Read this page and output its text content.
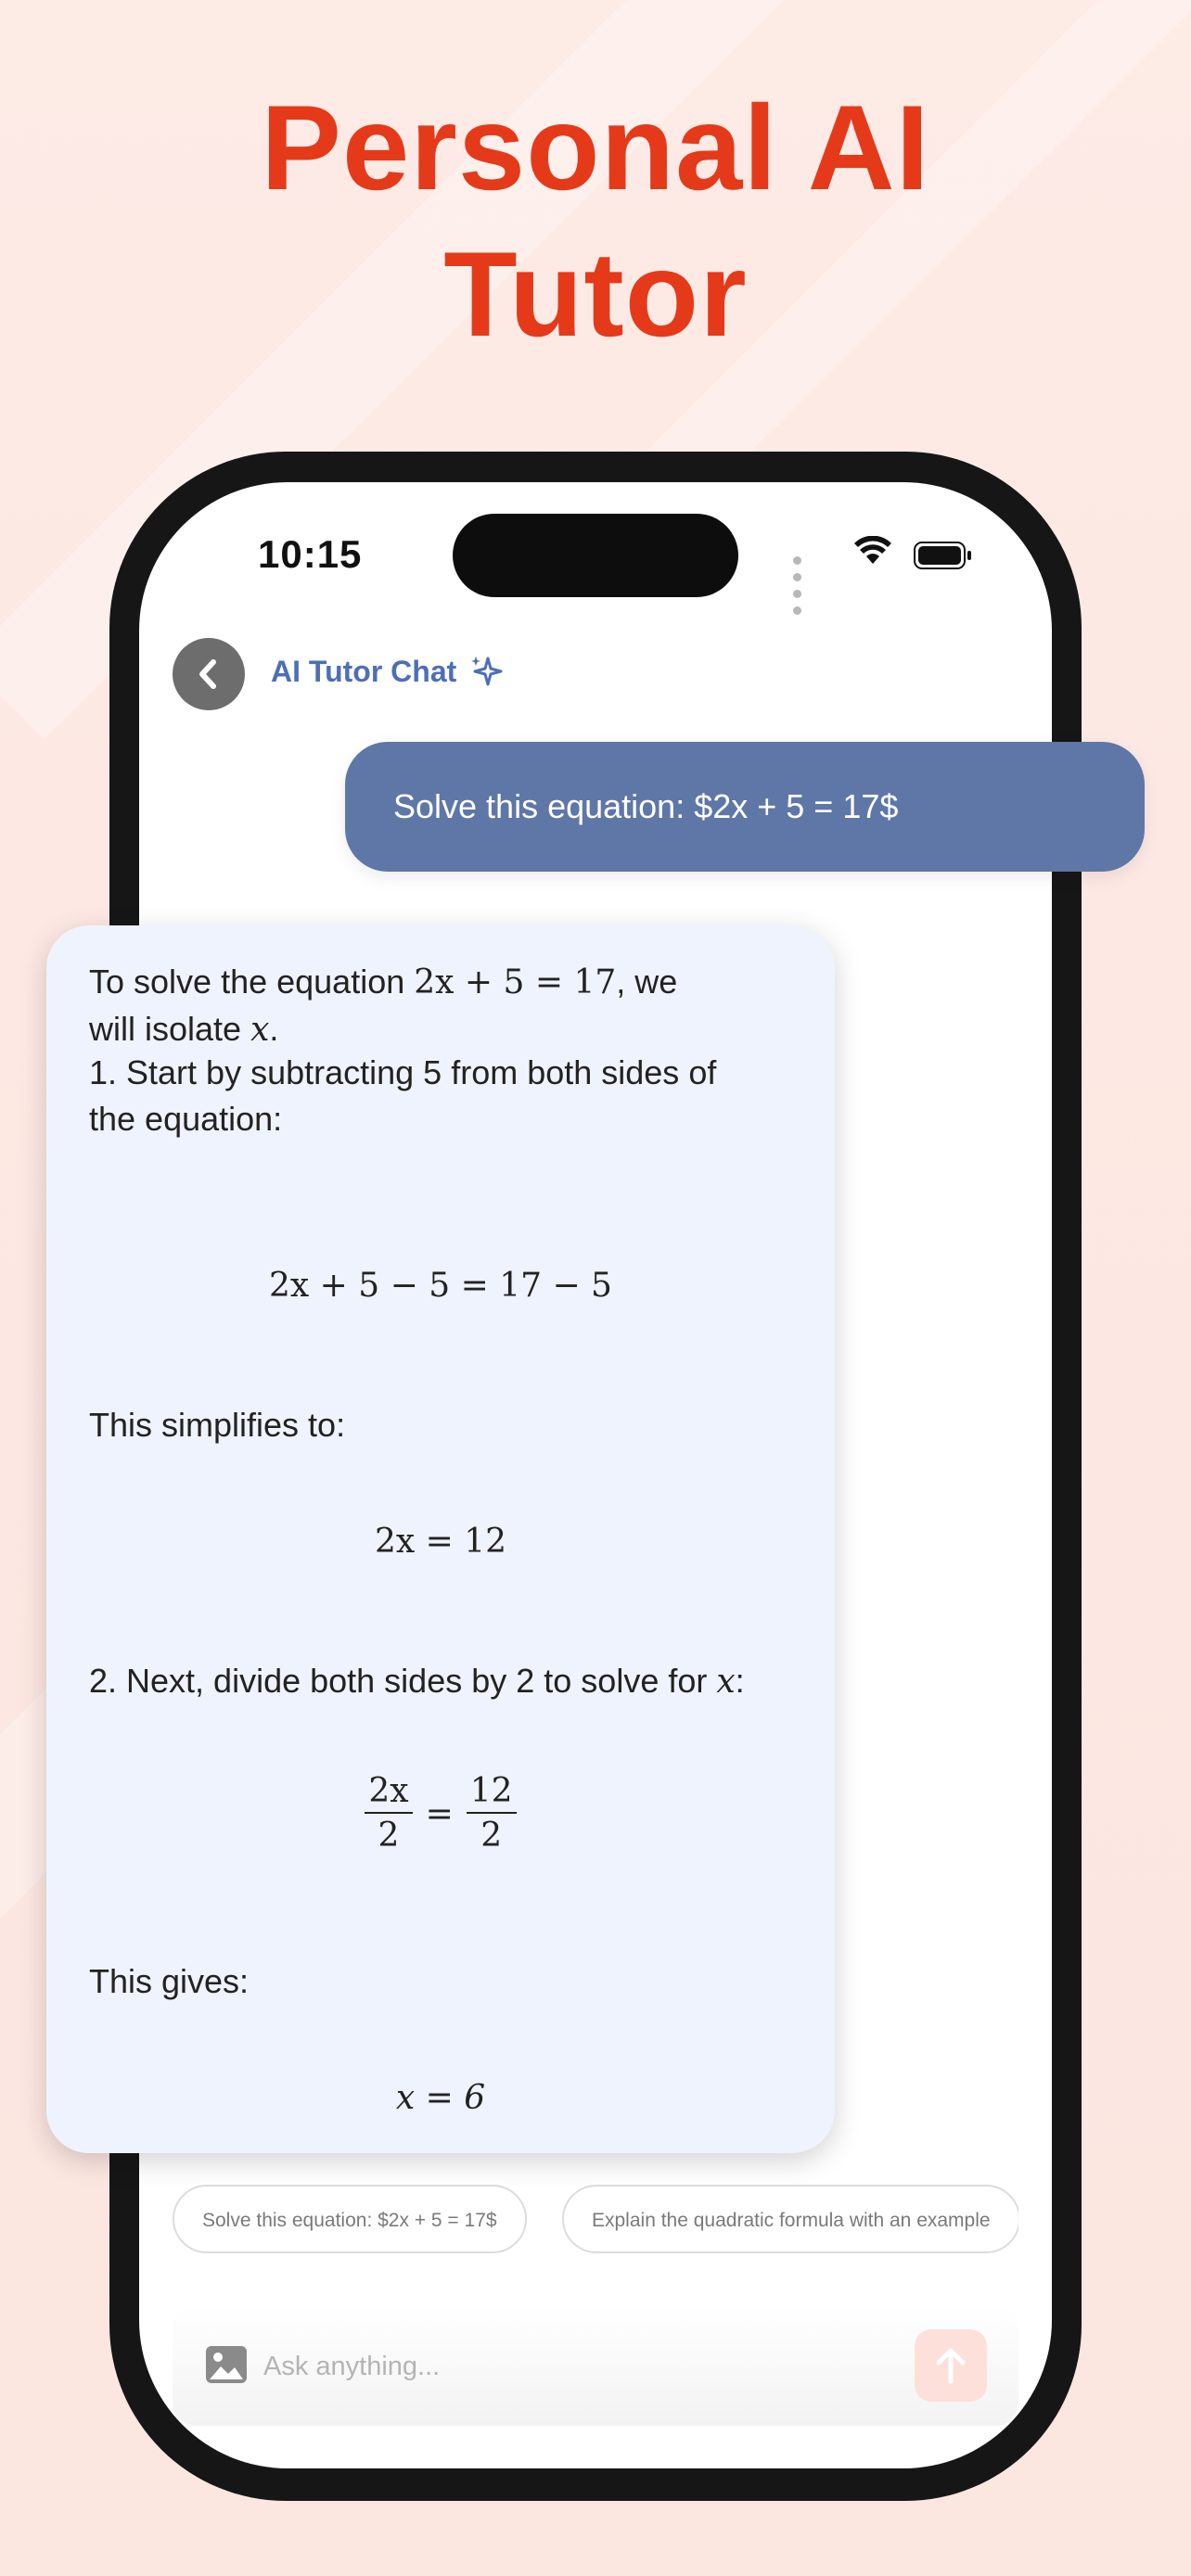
Personal AI
Tutor
10:15
AI Tutor Chat
Solve this equation: $2x + 5 = 17$	Explain the quadratic formula with an example
Ask anything...
Solve this equation: $2x + 5 = 17$
To solve the equation 2x + 5 = 17, we
will isolate x.
1. Start by subtracting 5 from both sides of
the equation:
2x + 5 − 5 = 17 − 5
This simplifies to:
2x = 12
2. Next, divide both sides by 2 to solve for x:
$\frac{2x}{2} = \frac{12}{2}$
This gives:
x = 6
